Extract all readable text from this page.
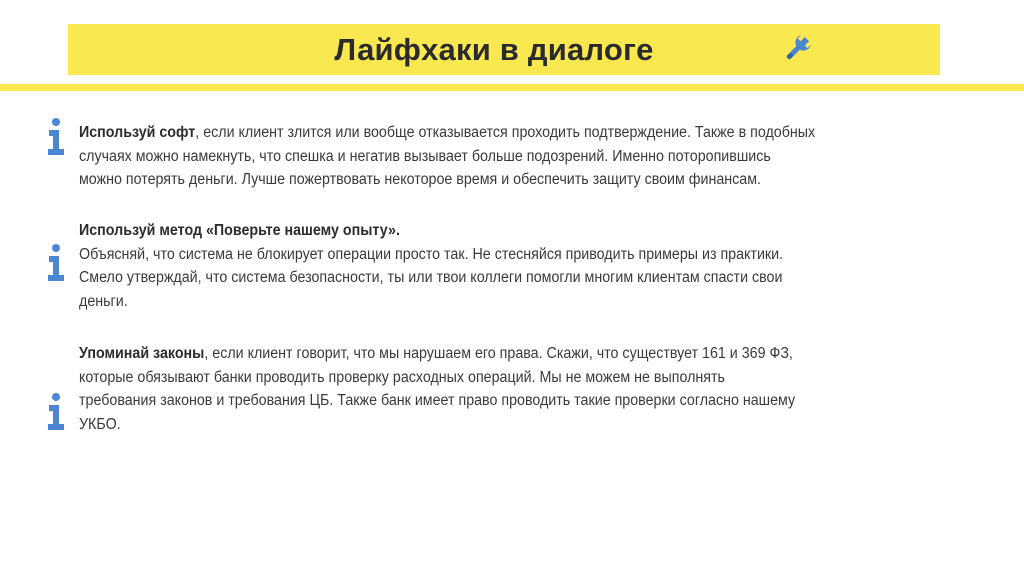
Лайфхаки в диалоге
Используй софт, если клиент злится или вообще отказывается проходить подтверждение. Также в подобных
случаях можно намекнуть, что спешка и негатив вызывает больше подозрений. Именно потoропившись
можно потерять деньги. Лучше пожертвовать некоторое время и обеспечить защиту своим финансам.
Используй метод «Поверьте нашему опыту».
Объясняй, что система не блокирует операции просто так. Не стесняйся приводить примеры из практики.
Смело утверждай, что система безопасности, ты или твои коллеги помогли многим клиентам спасти свои
деньги.
Упоминай законы, если клиент говорит, что мы нарушаем его права. Скажи, что существует 161 и 369 ФЗ,
которые обязывают банки проводить проверку расходных операций. Мы не можем не выполнять
требования законов и требования ЦБ. Также банк имеет право проводить такие проверки согласно нашему
УКБО.
